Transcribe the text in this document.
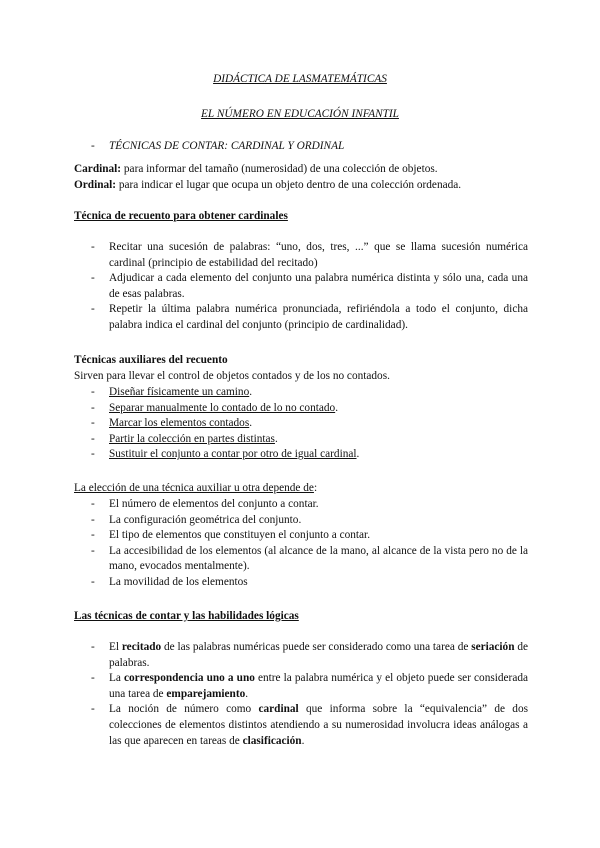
DIDÁCTICA DE LASMATEMÁTICAS
EL NÚMERO EN EDUCACIÓN INFANTIL
- TÉCNICAS DE CONTAR: CARDINAL Y ORDINAL
Cardinal: para informar del tamaño (numerosidad) de una colección de objetos.
Ordinal: para indicar el lugar que ocupa un objeto dentro de una colección ordenada.
Técnica de recuento para obtener cardinales
- Recitar una sucesión de palabras: “uno, dos, tres, ...” que se llama sucesión numérica cardinal (principio de estabilidad del recitado)
- Adjudicar a cada elemento del conjunto una palabra numérica distinta y sólo una, cada una de esas palabras.
- Repetir la última palabra numérica pronunciada, refiriéndola a todo el conjunto, dicha palabra indica el cardinal del conjunto (principio de cardinalidad).
Técnicas auxiliares del recuento
Sirven para llevar el control de objetos contados y de los no contados.
- Diseñar físicamente un camino.
- Separar manualmente lo contado de lo no contado.
- Marcar los elementos contados.
- Partir la colección en partes distintas.
- Sustituir el conjunto a contar por otro de igual cardinal.
La elección de una técnica auxiliar u otra depende de:
- El número de elementos del conjunto a contar.
- La configuración geométrica del conjunto.
- El tipo de elementos que constituyen el conjunto a contar.
- La accesibilidad de los elementos (al alcance de la mano, al alcance de la vista pero no de la mano, evocados mentalmente).
- La movilidad de los elementos
Las técnicas de contar y las habilidades lógicas
- El recitado de las palabras numéricas puede ser considerado como una tarea de seriación de palabras.
- La correspondencia uno a uno entre la palabra numérica y el objeto puede ser considerada una tarea de emparejamiento.
- La noción de número como cardinal que informa sobre la “equivalencia” de dos colecciones de elementos distintos atendiendo a su numerosidad involucra ideas análogas a las que aparecen en tareas de clasificación.
